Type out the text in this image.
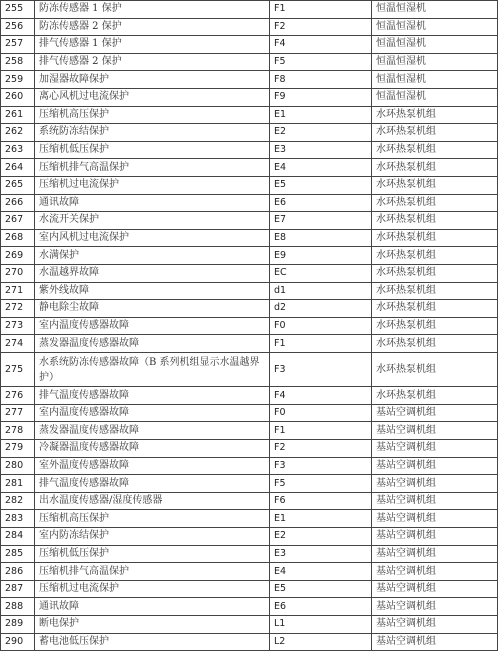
255	防冻传感器 1 保护	F1	恒温恒湿机
256	防冻传感器 2 保护	F2	恒温恒湿机
257	排气传感器 1 保护	F4	恒温恒湿机
258	排气传感器 2 保护	F5	恒温恒湿机
259	加湿器故障保护	F8	恒温恒湿机
260	离心风机过电流保护	F9	恒温恒湿机
261	压缩机高压保护	E1	水环热泵机组
262	系统防冻结保护	E2	水环热泵机组
263	压缩机低压保护	E3	水环热泵机组
264	压缩机排气高温保护	E4	水环热泵机组
265	压缩机过电流保护	E5	水环热泵机组
266	通讯故障	E6	水环热泵机组
267	水流开关保护	E7	水环热泵机组
268	室内风机过电流保护	E8	水环热泵机组
269	水满保护	E9	水环热泵机组
270	水温越界故障	EC	水环热泵机组
271	紫外线故障	d1	水环热泵机组
272	静电除尘故障	d2	水环热泵机组
273	室内温度传感器故障	F0	水环热泵机组
274	蒸发器温度传感器故障	F1	水环热泵机组
275	水系统防冻传感器故障（B 系列机组显示水温越界护）	F3	水环热泵机组
276	排气温度传感器故障	F4	水环热泵机组
277	室内温度传感器故障	F0	基站空调机组
278	蒸发器温度传感器故障	F1	基站空调机组
279	冷凝器温度传感器故障	F2	基站空调机组
280	室外温度传感器故障	F3	基站空调机组
281	排气温度传感器故障	F5	基站空调机组
282	出水温度传感器/湿度传感器	F6	基站空调机组
283	压缩机高压保护	E1	基站空调机组
284	室内防冻结保护	E2	基站空调机组
285	压缩机低压保护	E3	基站空调机组
286	压缩机排气高温保护	E4	基站空调机组
287	压缩机过电流保护	E5	基站空调机组
288	通讯故障	E6	基站空调机组
289	断电保护	L1	基站空调机组
290	蓄电池低压保护	L2	基站空调机组
